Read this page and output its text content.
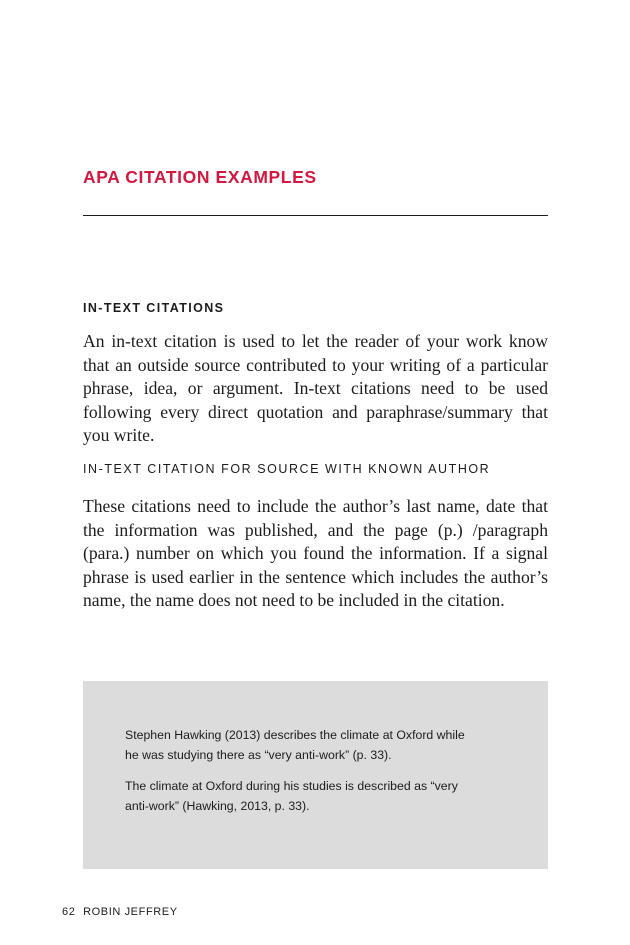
APA CITATION EXAMPLES
IN-TEXT CITATIONS

An in-text citation is used to let the reader of your work know that an outside source contributed to your writing of a particular phrase, idea, or argument. In-text citations need to be used following every direct quotation and paraphrase/summary that you write.

IN-TEXT CITATION FOR SOURCE WITH KNOWN AUTHOR

These citations need to include the author’s last name, date that the information was published, and the page (p.) /paragraph (para.) number on which you found the information. If a signal phrase is used earlier in the sentence which includes the author’s name, the name does not need to be included in the citation.

Stephen Hawking (2013) describes the climate at Oxford while he was studying there as “very anti-work” (p. 33).

The climate at Oxford during his studies is described as “very anti-work” (Hawking, 2013, p. 33).

62 ROBIN JEFFREY
